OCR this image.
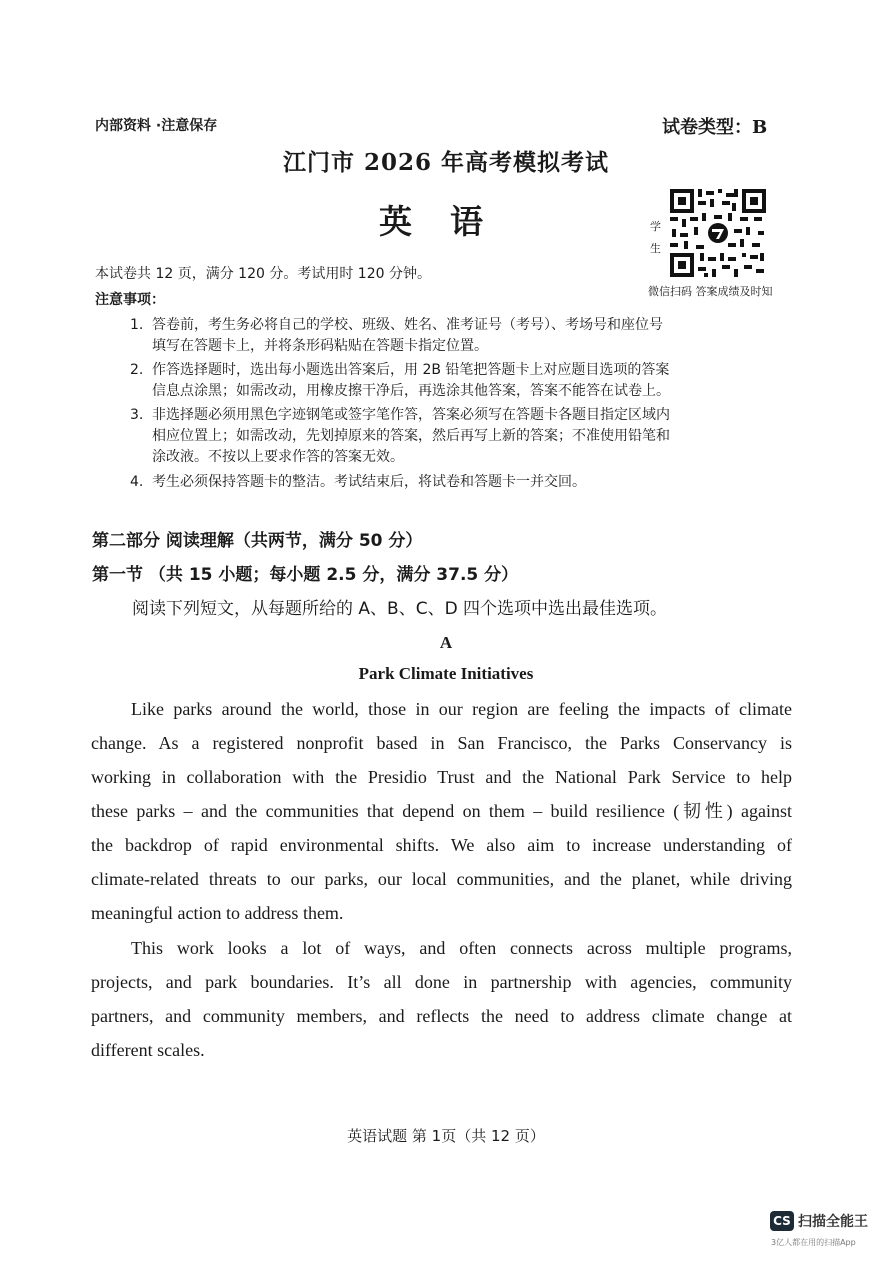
内部资料 ·注意保存	试卷类型：B
江门市 2026 年高考模拟考试
英语	学
生
微信扫码 答案成绩及时知
本试卷共 12 页，满分 120 分。考试用时 120 分钟。
注意事项：
1. 答卷前，考生务必将自己的学校、班级、姓名、准考证号（考号）、考场号和座位号
填写在答题卡上，并将条形码粘贴在答题卡指定位置。
2. 作答选择题时，选出每小题选出答案后，用 2B 铅笔把答题卡上对应题目选项的答案
信息点涂黑；如需改动，用橡皮擦干净后，再选涂其他答案，答案不能答在试卷上。
3. 非选择题必须用黑色字迹钢笔或签字笔作答，答案必须写在答题卡各题目指定区域内
相应位置上；如需改动，先划掉原来的答案，然后再写上新的答案；不准使用铅笔和
涂改液。不按以上要求作答的答案无效。
4. 考生必须保持答题卡的整洁。考试结束后，将试卷和答题卡一并交回。
第二部分 阅读理解（共两节，满分 50 分）
第一节 （共 15 小题；每小题 2.5 分，满分 37.5 分）
阅读下列短文，从每题所给的 A、B、C、D 四个选项中选出最佳选项。
A
Park Climate Initiatives
Like parks around the world, those in our region are feeling the impacts of climate
change. As a registered nonprofit based in San Francisco, the Parks Conservancy is
working in collaboration with the Presidio Trust and the National Park Service to help
these parks – and the communities that depend on them – build resilience (韧性) against
the backdrop of rapid environmental shifts. We also aim to increase understanding of
climate-related threats to our parks, our local communities, and the planet, while driving
meaningful action to address them.
This work looks a lot of ways, and often connects across multiple programs,
projects, and park boundaries. It’s all done in partnership with agencies, community
partners, and community members, and reflects the need to address climate change at
different scales.
英语试题 第 1页（共 12 页）
CS 扫描全能王
3亿人都在用的扫描App
